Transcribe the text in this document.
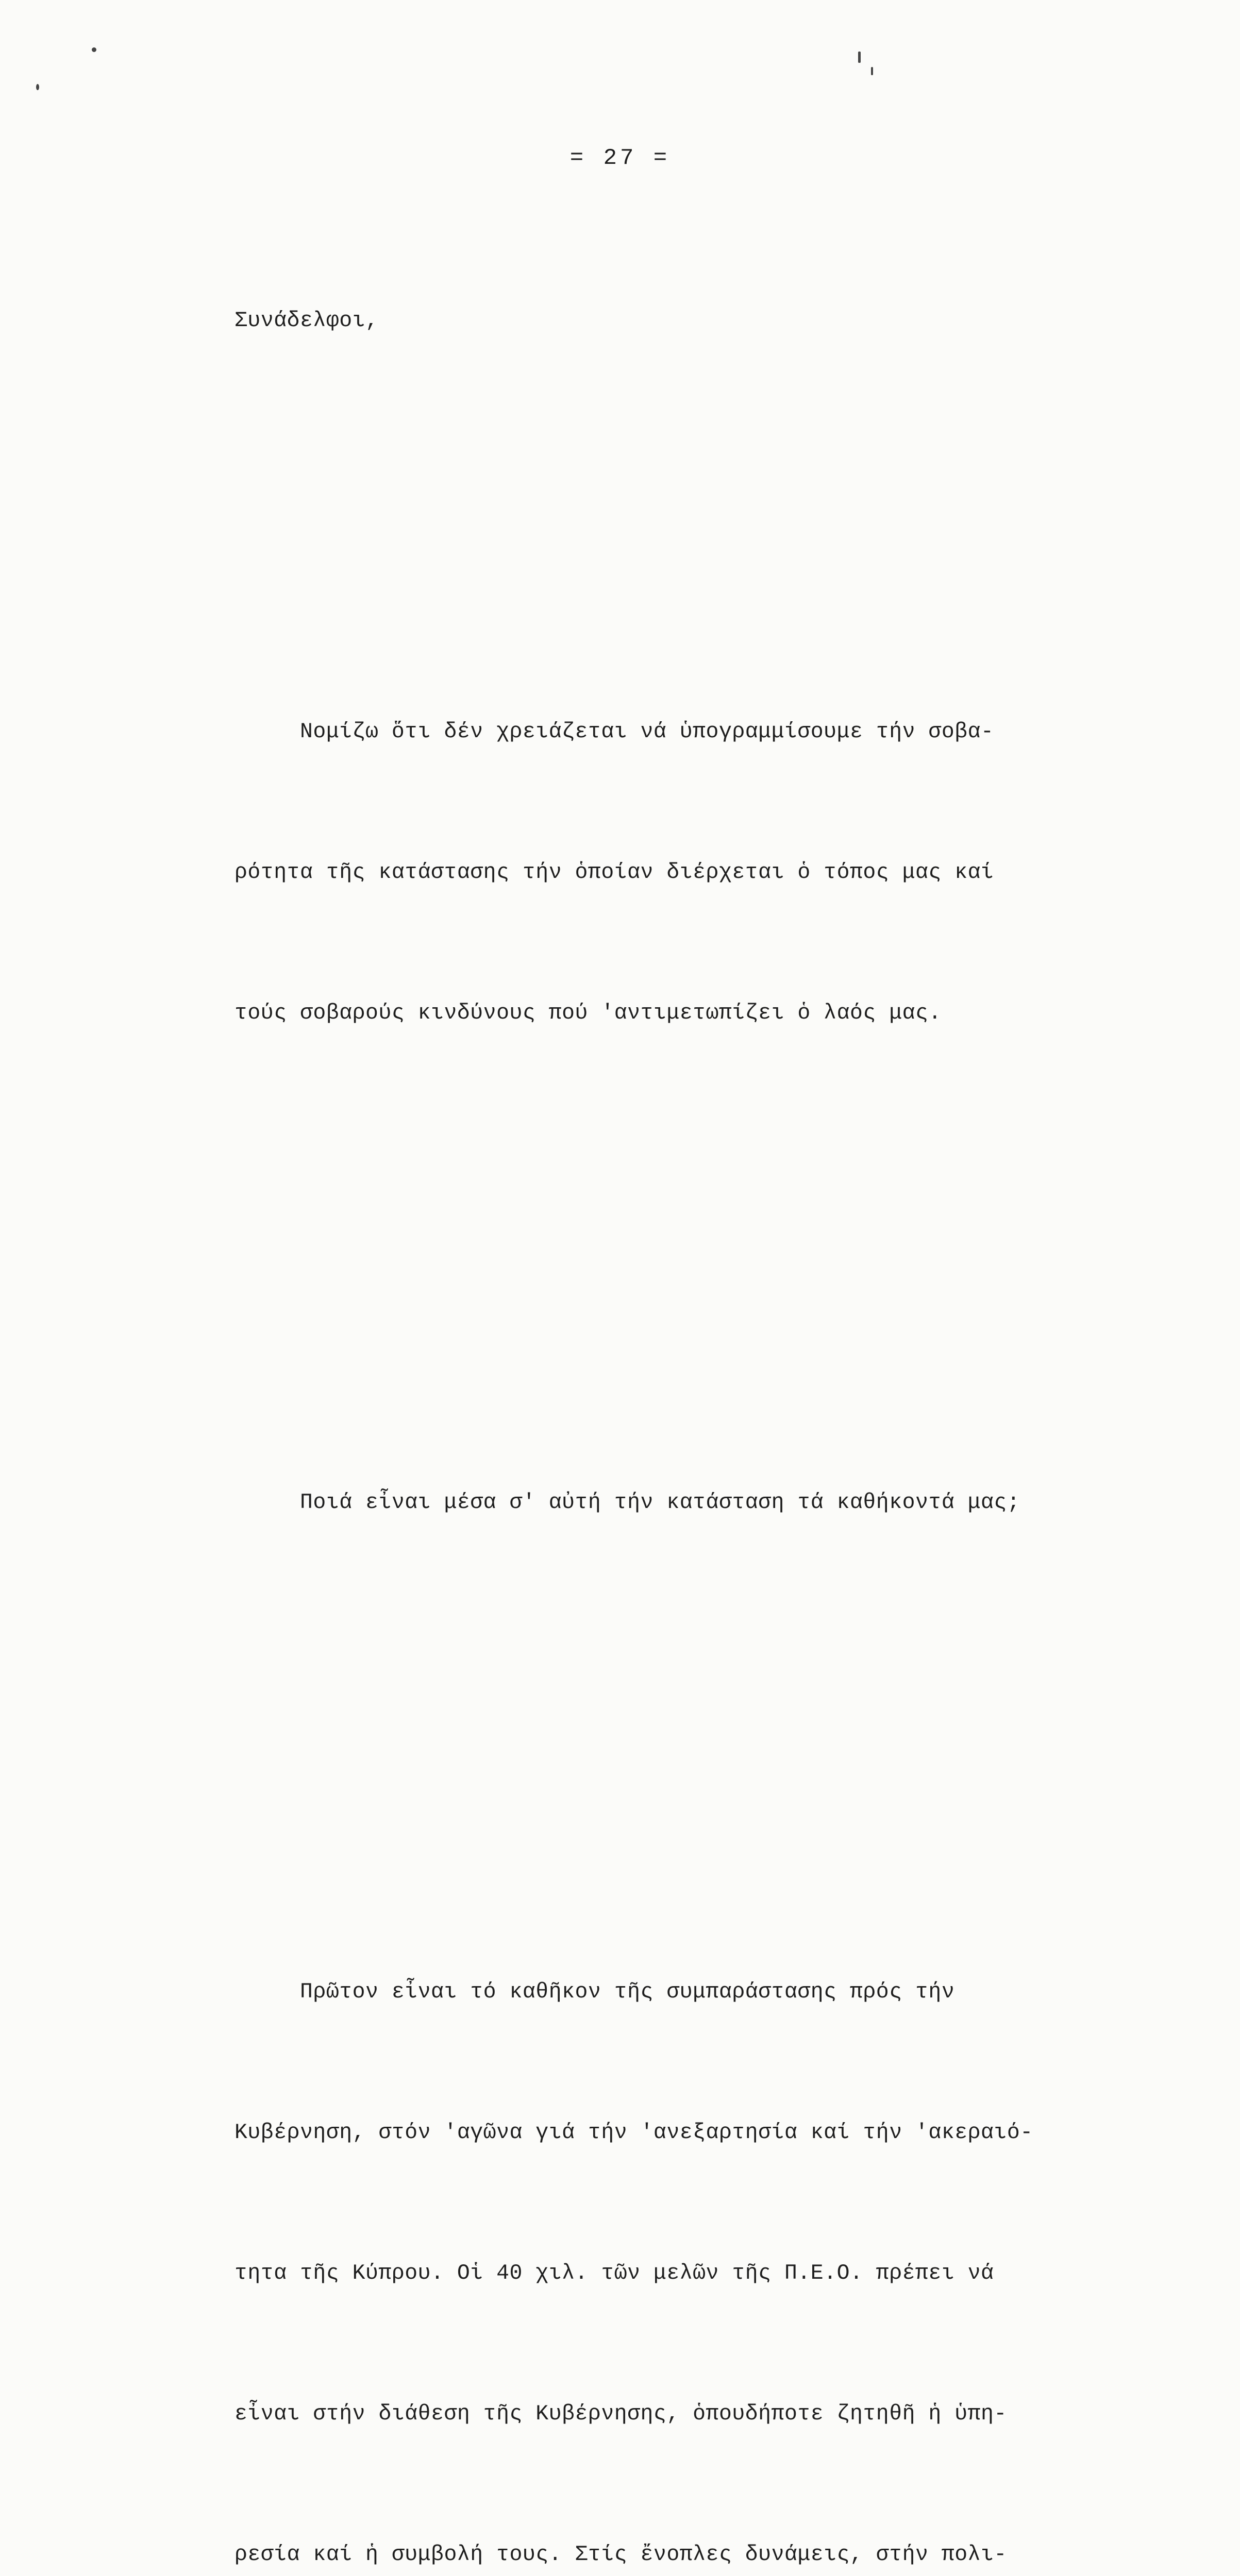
= 27 =

Συνάδελφοι,

Νομίζω ὅτι δέν χρειάζεται νά ὑπογραμμίσουμε τήν σοβα-

ρότητα τῆς κατάστασης τήν ὁποίαν διέρχεται ὁ τόπος μας καί

τούς σοβαρούς κινδύνους πού 'αντιμετωπίζει ὁ λαός μας.

Ποιά εἶναι μέσα σ' αὐτή τήν κατάσταση τά καθήκοντά μας;

Πρῶτον εἶναι τό καθῆκον τῆς συμπαράστασης πρός τήν

Κυβέρνηση, στόν 'αγῶνα γιά τήν 'ανεξαρτησία καί τήν 'ακεραιό-

τητα τῆς Κύπρου. Οἱ 40 χιλ. τῶν μελῶν τῆς Π.Ε.Ο. πρέπει νά

εἶναι στήν διάθεση τῆς Κυβέρνησης, ὁπουδήποτε ζητηθῆ ἡ ὑπη-

ρεσία καί ἡ συμβολή τους. Στίς ἔνοπλες δυνάμεις, στήν πολι-
